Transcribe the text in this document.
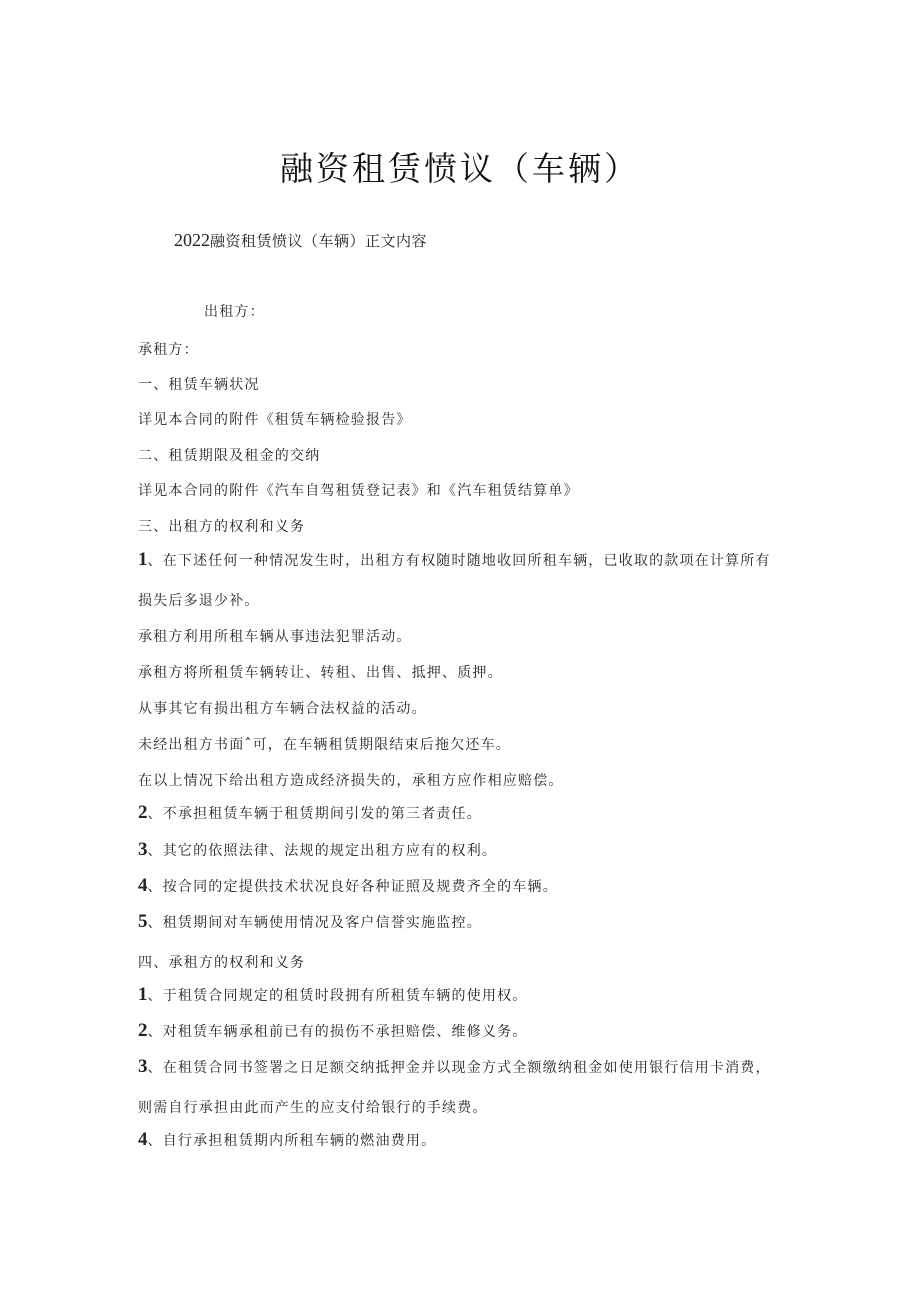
融资租赁愤议（车辆）
2022融资租赁愤议（车辆）正文内容
出租方：
承租方：
一、租赁车辆状况
详见本合同的附件《租赁车辆检验报告》
二、租赁期限及租金的交纳
详见本合同的附件《汽车自驾租赁登记表》和《汽车租赁结算单》
三、出租方的权利和义务
1、在下述任何一种情况发生时，出租方有权随时随地收回所租车辆，已收取的款项在计算所有
损失后多退少补。
承租方利用所租车辆从事违法犯罪活动。
承租方将所租赁车辆转让、转租、出售、抵押、质押。
从事其它有损出租方车辆合法权益的活动。
未经出租方书面ˆ可，在车辆租赁期限结束后拖欠还车。
在以上情况下给出租方造成经济损失的，承租方应作相应赔偿。
2、不承担租赁车辆于租赁期间引发的第三者责任。
3、其它的依照法律、法规的规定出租方应有的权利。
4、按合同的定提供技术状况良好各种证照及规费齐全的车辆。
5、租赁期间对车辆使用情况及客户信誉实施监控。
四、承租方的权利和义务
1、于租赁合同规定的租赁时段拥有所租赁车辆的使用权。
2、对租赁车辆承租前已有的损伤不承担赔偿、维修义务。
3、在租赁合同书签署之日足额交纳抵押金并以现金方式全额缴纳租金如使用银行信用卡消费，
则需自行承担由此而产生的应支付给银行的手续费。
4、自行承担租赁期内所租车辆的燃油费用。
